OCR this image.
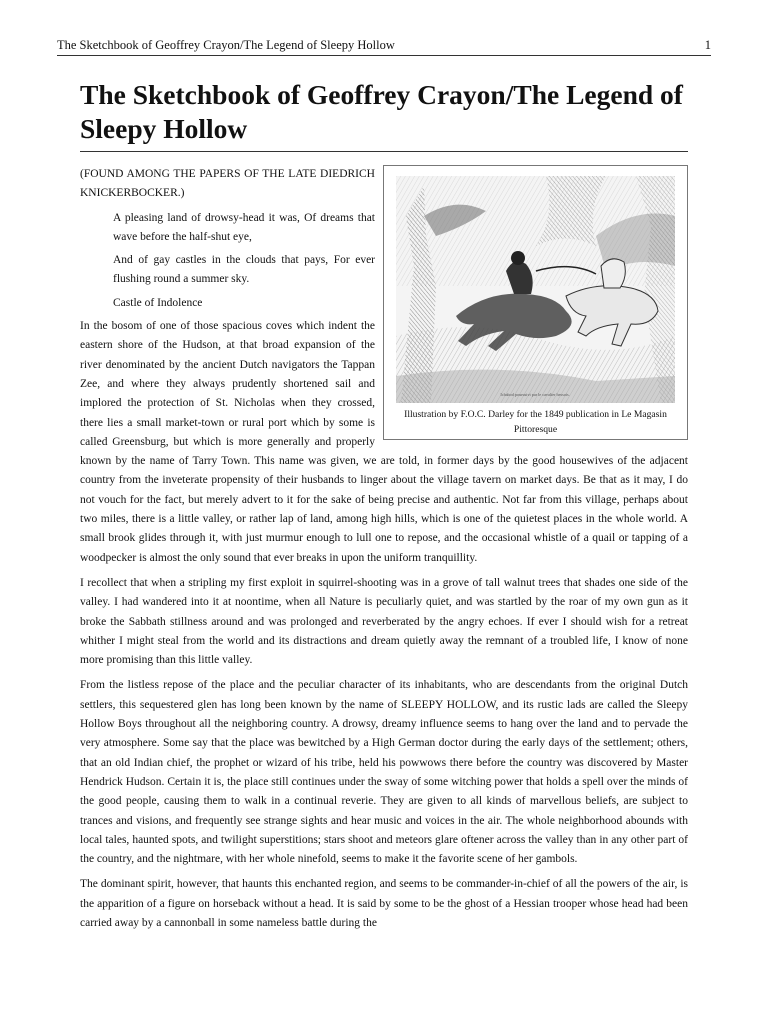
The Sketchbook of Geoffrey Crayon/The Legend of Sleepy Hollow	1
The Sketchbook of Geoffrey Crayon/The Legend of Sleepy Hollow
Ichabod poursuivi par le cavalier hessois.
Illustration by F.O.C. Darley for the 1849 publication in Le Magasin Pittoresque

(FOUND AMONG THE PAPERS OF THE LATE DIEDRICH KNICKERBOCKER.)

A pleasing land of drowsy-head it was, Of dreams that wave before the half-shut eye,

And of gay castles in the clouds that pays, For ever flushing round a summer sky.

Castle of Indolence

In the bosom of one of those spacious coves which indent the eastern shore of the Hudson, at that broad expansion of the river denominated by the ancient Dutch navigators the Tappan Zee, and where they always prudently shortened sail and implored the protection of St. Nicholas when they crossed, there lies a small market-town or rural port which by some is called Greensburg, but which is more generally and properly known by the name of Tarry Town. This name was given, we are told, in former days by the good housewives of the adjacent country from the inveterate propensity of their husbands to linger about the village tavern on market days. Be that as it may, I do not vouch for the fact, but merely advert to it for the sake of being precise and authentic. Not far from this village, perhaps about two miles, there is a little valley, or rather lap of land, among high hills, which is one of the quietest places in the whole world. A small brook glides through it, with just murmur enough to lull one to repose, and the occasional whistle of a quail or tapping of a woodpecker is almost the only sound that ever breaks in upon the uniform tranquillity.

I recollect that when a stripling my first exploit in squirrel-shooting was in a grove of tall walnut trees that shades one side of the valley. I had wandered into it at noontime, when all Nature is peculiarly quiet, and was startled by the roar of my own gun as it broke the Sabbath stillness around and was prolonged and reverberated by the angry echoes. If ever I should wish for a retreat whither I might steal from the world and its distractions and dream quietly away the remnant of a troubled life, I know of none more promising than this little valley.

From the listless repose of the place and the peculiar character of its inhabitants, who are descendants from the original Dutch settlers, this sequestered glen has long been known by the name of SLEEPY HOLLOW, and its rustic lads are called the Sleepy Hollow Boys throughout all the neighboring country. A drowsy, dreamy influence seems to hang over the land and to pervade the very atmosphere. Some say that the place was bewitched by a High German doctor during the early days of the settlement; others, that an old Indian chief, the prophet or wizard of his tribe, held his powwows there before the country was discovered by Master Hendrick Hudson. Certain it is, the place still continues under the sway of some witching power that holds a spell over the minds of the good people, causing them to walk in a continual reverie. They are given to all kinds of marvellous beliefs, are subject to trances and visions, and frequently see strange sights and hear music and voices in the air. The whole neighborhood abounds with local tales, haunted spots, and twilight superstitions; stars shoot and meteors glare oftener across the valley than in any other part of the country, and the nightmare, with her whole ninefold, seems to make it the favorite scene of her gambols.

The dominant spirit, however, that haunts this enchanted region, and seems to be commander-in-chief of all the powers of the air, is the apparition of a figure on horseback without a head. It is said by some to be the ghost of a Hessian trooper whose head had been carried away by a cannonball in some nameless battle during the
